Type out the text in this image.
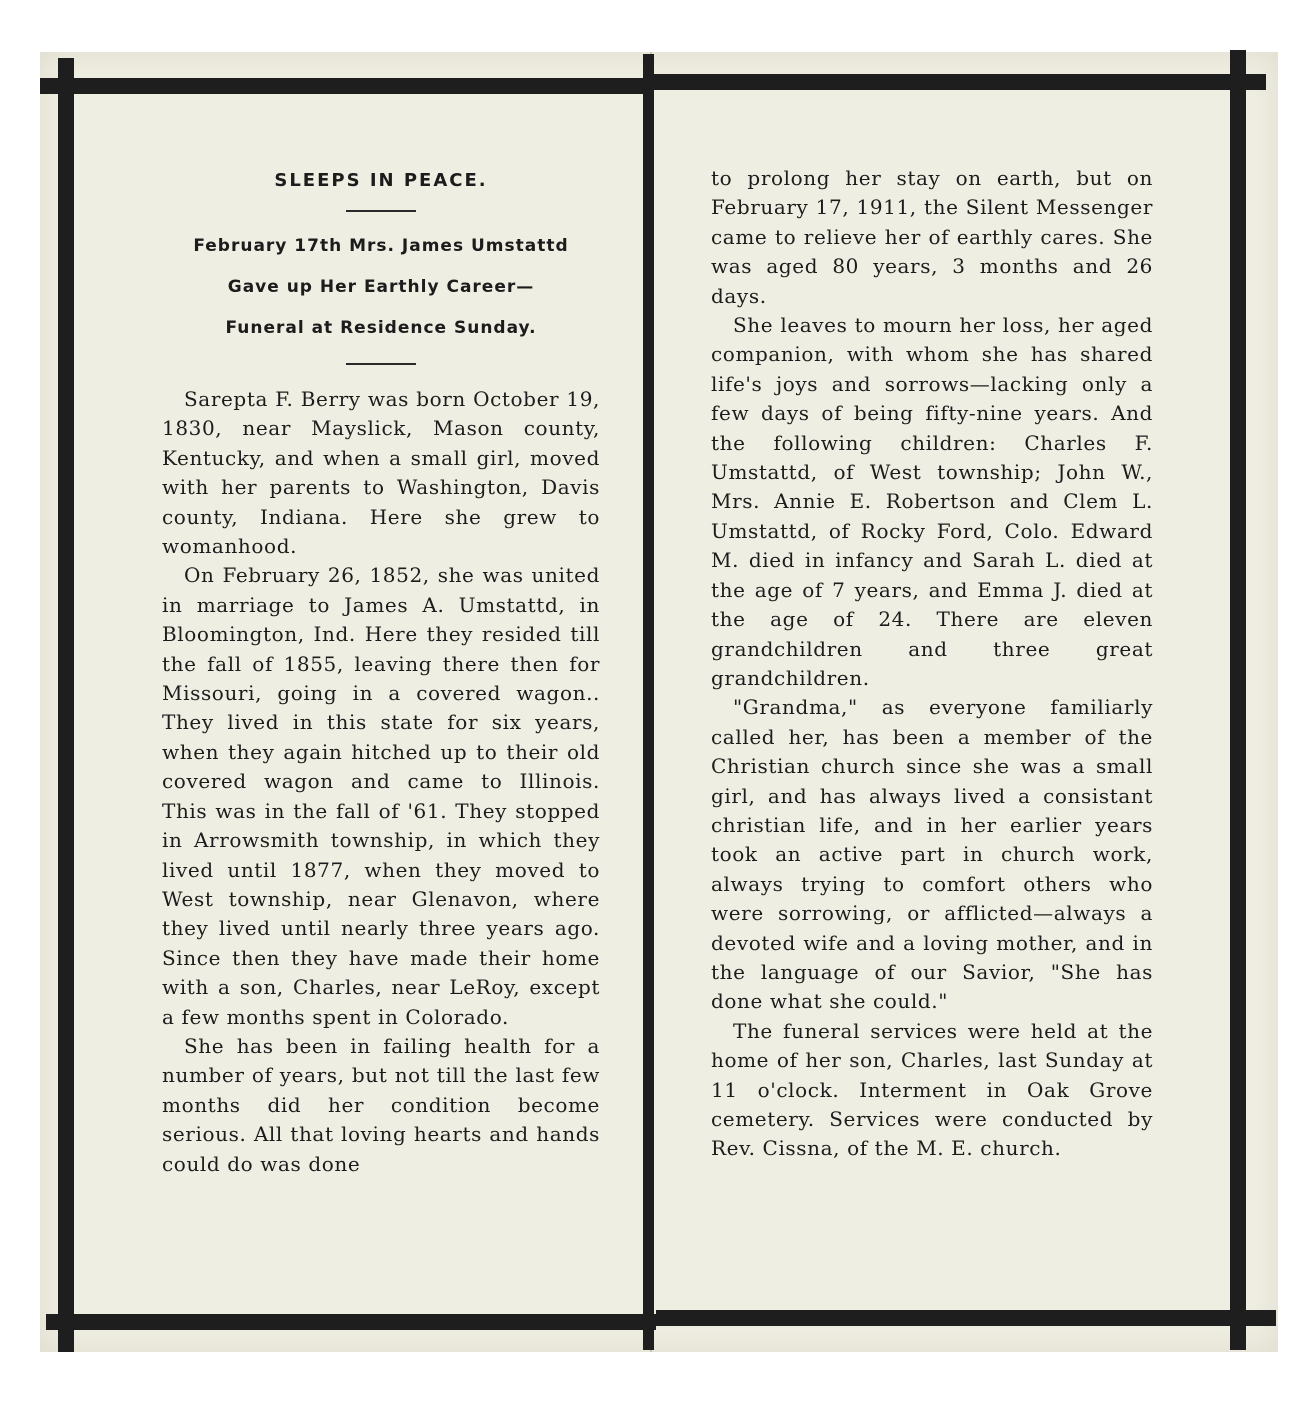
SLEEPS IN PEACE.
February 17th Mrs. James Umstattd
Gave up Her Earthly Career—
Funeral at Residence Sunday.

Sarepta F. Berry was born October 19, 1830, near Mayslick, Mason county, Kentucky, and when a small girl, moved with her parents to Washington, Davis county, Indiana. Here she grew to womanhood.

On February 26, 1852, she was united in marriage to James A. Umstattd, in Bloomington, Ind. Here they resided till the fall of 1855, leaving there then for Missouri, going in a covered wagon.. They lived in this state for six years, when they again hitched up to their old covered wagon and came to Illinois. This was in the fall of '61. They stopped in Arrowsmith township, in which they lived until 1877, when they moved to West township, near Glenavon, where they lived until nearly three years ago. Since then they have made their home with a son, Charles, near LeRoy, except a few months spent in Colorado.

She has been in failing health for a number of years, but not till the last few months did her condition become serious. All that loving hearts and hands could do was done

to prolong her stay on earth, but on February 17, 1911, the Silent Messenger came to relieve her of earthly cares. She was aged 80 years, 3 months and 26 days.

She leaves to mourn her loss, her aged companion, with whom she has shared life's joys and sorrows—lacking only a few days of being fifty-nine years. And the following children: Charles F. Umstattd, of West township; John W., Mrs. Annie E. Robertson and Clem L. Umstattd, of Rocky Ford, Colo. Edward M. died in infancy and Sarah L. died at the age of 7 years, and Emma J. died at the age of 24. There are eleven grandchildren and three great grandchildren.

"Grandma," as everyone familiarly called her, has been a member of the Christian church since she was a small girl, and has always lived a consistant christian life, and in her earlier years took an active part in church work, always trying to comfort others who were sorrowing, or afflicted—always a devoted wife and a loving mother, and in the language of our Savior, "She has done what she could."

The funeral services were held at the home of her son, Charles, last Sunday at 11 o'clock. Interment in Oak Grove cemetery. Services were conducted by Rev. Cissna, of the M. E. church.
